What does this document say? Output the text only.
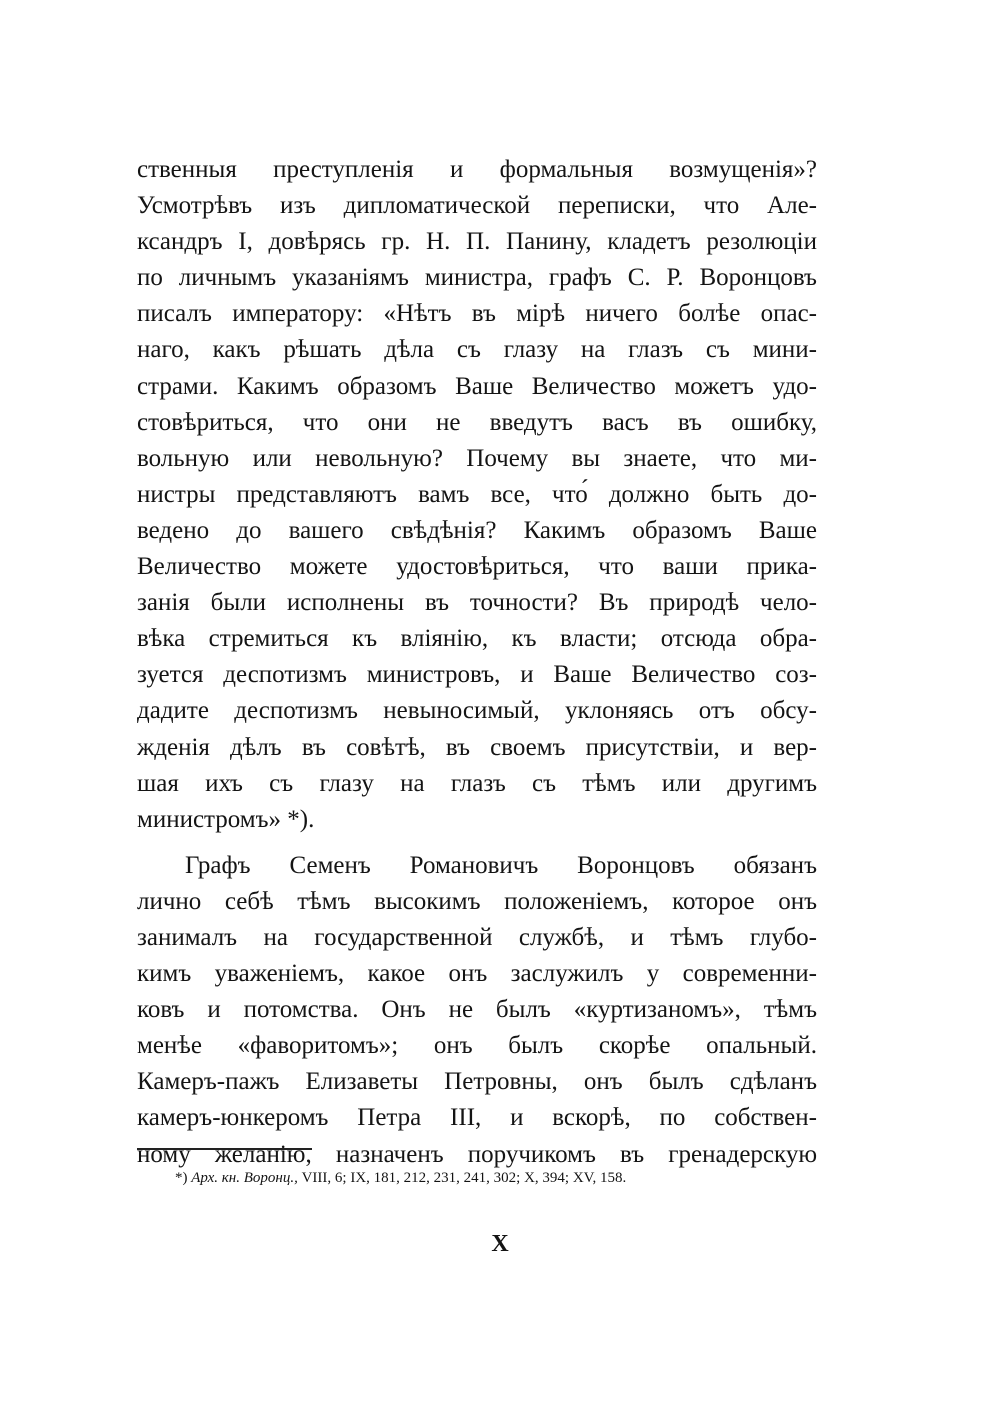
ственныя преступленія и формальныя возмущенія»?
Усмотрѣвъ изъ дипломатической переписки, что Але-
ксандръ I, довѣрясь гр. Н. П. Панину, кладетъ резолюціи
по личнымъ указаніямъ министра, графъ С. Р. Воронцовъ
писалъ императору: «Нѣтъ въ мірѣ ничего болѣе опас-
наго, какъ рѣшать дѣла съ глазу на глазъ съ мини-
страми. Какимъ образомъ Ваше Величество можетъ удо-
стовѣриться, что они не введутъ васъ въ ошибку,
вольную или невольную? Почему вы знаете, что ми-
нистры представляютъ вамъ все, что́ должно быть до-
ведено до вашего свѣдѣнія? Какимъ образомъ Ваше
Величество можете удостовѣриться, что ваши прика-
занія были исполнены въ точности? Въ природѣ чело-
вѣка стремиться къ вліянію, къ власти; отсюда обра-
зуется деспотизмъ министровъ, и Ваше Величество соз-
дадите деспотизмъ невыносимый, уклоняясь отъ обсу-
жденія дѣлъ въ совѣтѣ, въ своемъ присутствіи, и вер-
шая ихъ съ глазу на глазъ съ тѣмъ или другимъ
министромъ» *).
Графъ Семенъ Романовичъ Воронцовъ обязанъ
лично себѣ тѣмъ высокимъ положеніемъ, которое онъ
занималъ на государственной службѣ, и тѣмъ глубо-
кимъ уваженіемъ, какое онъ заслужилъ у современни-
ковъ и потомства. Онъ не былъ «куртизаномъ», тѣмъ
менѣе «фаворитомъ»; онъ былъ скорѣе опальный.
Камеръ-пажъ Елизаветы Петровны, онъ былъ сдѣланъ
камеръ-юнкеромъ Петра III, и вскорѣ, по собствен-
ному желанію, назначенъ поручикомъ въ гренадерскую
*) Арх. кн. Воронц., VIII, 6; IX, 181, 212, 231, 241, 302; X, 394; XV, 158.
X
